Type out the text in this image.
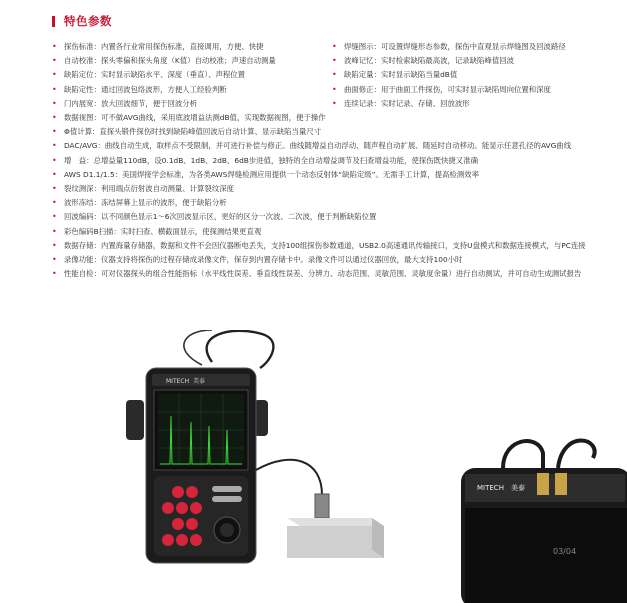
特色参数
• 探伤标准：内置各行业常用探伤标准，直接调用，方便、快捷	• 焊缝图示：可设置焊缝形态参数，探伤中直观显示焊缝图及回波路径
• 自动校准：探头零偏和探头角度（K值）自动校准；声速自动测量	• 波峰记忆：实时检索缺陷最高波，记录缺陷峰值回波
• 缺陷定位：实时显示缺陷水平、深度（垂直）、声程位置	• 缺陷定量：实时显示缺陷当量dB值
• 缺陷定性：通过回波包络波形，方便人工经验判断	• 曲面修正：用于曲面工件探伤，可实时显示缺陷周向位置和深度
• 门内展宽：放大回波细节，便于回波分析	• 连续记录：实时记录、存储、回放波形
• 数据视图：可不做AVG曲线，采用底波增益法测dB值，实现数据视图，便于操作
• Φ值计算：直探头锻件探伤时找到缺陷峰值回波后自动计算、显示缺陷当量尺寸
• DAC/AVG：曲线自动生成，取样点不受限制，并可进行补偿与修正。曲线随增益自动浮动、随声程自动扩展、随延时自动移动。能显示任意孔径的AVG曲线
• 增　益：总增益量110dB，设0.1dB、1dB、2dB、6dB步进值，独特的全自动增益调节及扫查增益功能，使探伤既快捷又准确
• AWS D1.1/1.5：美国焊接学会标准，为各类AWS焊缝检测应用提供一个动态反射体“缺陷定级”。无需手工计算，提高检测效率
• 裂纹测深：利用端点衍射波自动测量、计算裂纹深度
• 波形冻结：冻结屏幕上显示的波形，便于缺陷分析
• 回波编码：以不同颜色显示1～6次回波显示区，更好的区分一次波、二次波，便于判断缺陷位置
• 彩色编码B扫描：实时扫查、横截面显示，使探测结果更直观
• 数据存储：内置海量存储器，数据和文件不会因仪器断电丢失，支持100组探伤参数通道，USB2.0高速通讯传输接口，支持U盘模式和数据连接模式，与PC连接
• 录像功能：仪器支持将探伤的过程存储成录像文件，保存到内置存储卡中。录像文件可以通过仪器回放，最大支持100小时
• 性能自检：可对仪器探头的组合性能指标（水平线性误差、垂直线性误差、分辨力、动态范围、灵敏范围、灵敏度余量）进行自动测试，并可自动生成测试报告
MITECH 美泰
MITECH 美泰
03/04
